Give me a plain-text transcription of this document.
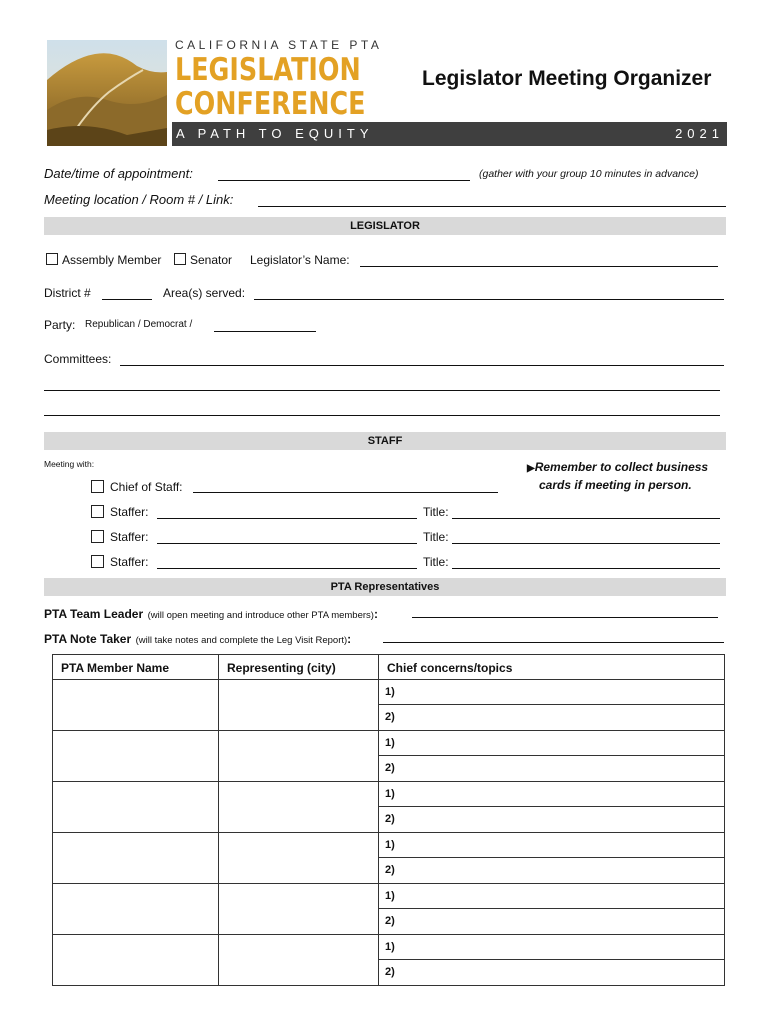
CALIFORNIA STATE PTA
LEGISLATION
CONFERENCE
A PATH TO EQUITY	2021
Legislator Meeting Organizer
Date/time of appointment:	(gather with your group 10 minutes in advance)
Meeting location / Room # / Link:
LEGISLATOR
Assembly Member Senator Legislator’s Name:
District #	Area(s) served:
Party: Republican / Democrat /
Committees:
STAFF
Meeting with:	▶Remember to collect business
cards if meeting in person.
Chief of Staff:
Staffer:	Title:
Staffer:	Title:
Staffer:	Title:
PTA Representatives
PTA Team Leader (will open meeting and introduce other PTA members):
PTA Note Taker (will take notes and complete the Leg Visit Report):
PTA Member Name	Representing (city)	Chief concerns/topics

		1)
2)

		1)
2)

		1)
2)

		1)
2)

		1)
2)

		1)
2)
